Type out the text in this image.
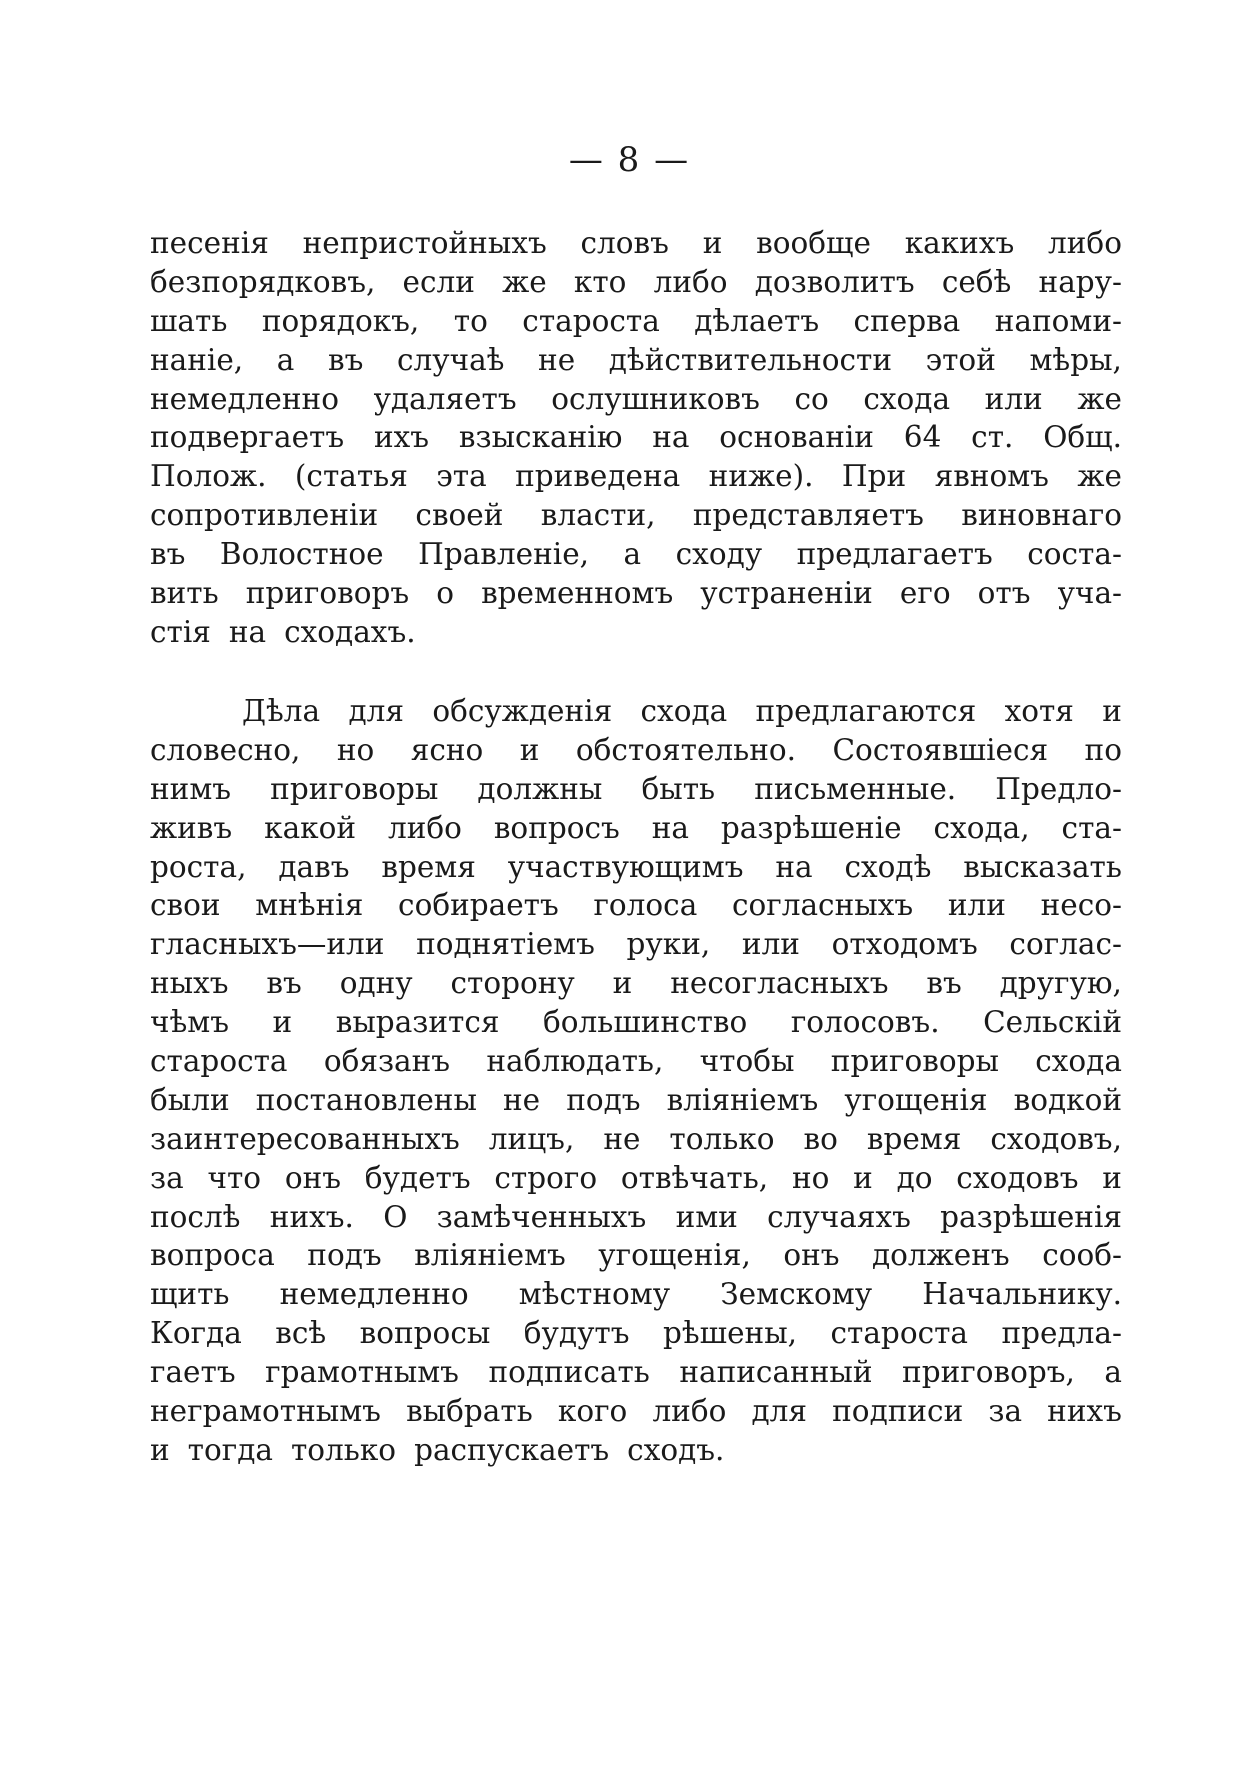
— 8 —
песенія непристойныхъ словъ и вообще какихъ либо
безпорядковъ, если же кто либо дозволитъ себѣ нару-
шать порядокъ, то староста дѣлаетъ сперва напоми-
наніе, а въ случаѣ не дѣйствительности этой мѣры,
немедленно удаляетъ ослушниковъ со схода или же
подвергаетъ ихъ взысканію на основаніи 64 ст. Общ.
Полож. (статья эта приведена ниже). При явномъ же
сопротивленіи своей власти, представляетъ виновнаго
въ Волостное Правленіе, а сходу предлагаетъ соста-
вить приговоръ о временномъ устраненіи его отъ уча-
стія на сходахъ.
Дѣла для обсужденія схода предлагаются хотя и
словесно, но ясно и обстоятельно. Состоявшіеся по
нимъ приговоры должны быть письменные. Предло-
живъ какой либо вопросъ на разрѣшеніе схода, ста-
роста, давъ время участвующимъ на сходѣ высказать
свои мнѣнія собираетъ голоса согласныхъ или несо-
гласныхъ—или поднятіемъ руки, или отходомъ соглас-
ныхъ въ одну сторону и несогласныхъ въ другую,
чѣмъ и выразится большинство голосовъ. Сельскій
староста обязанъ наблюдать, чтобы приговоры схода
были постановлены не подъ вліяніемъ угощенія водкой
заинтересованныхъ лицъ, не только во время сходовъ,
за что онъ будетъ строго отвѣчать, но и до сходовъ и
послѣ нихъ. О замѣченныхъ ими случаяхъ разрѣшенія
вопроса подъ вліяніемъ угощенія, онъ долженъ сооб-
щить немедленно мѣстному Земскому Начальнику.
Когда всѣ вопросы будутъ рѣшены, староста предла-
гаетъ грамотнымъ подписать написанный приговоръ, а
неграмотнымъ выбрать кого либо для подписи за нихъ
и тогда только распускаетъ сходъ.
